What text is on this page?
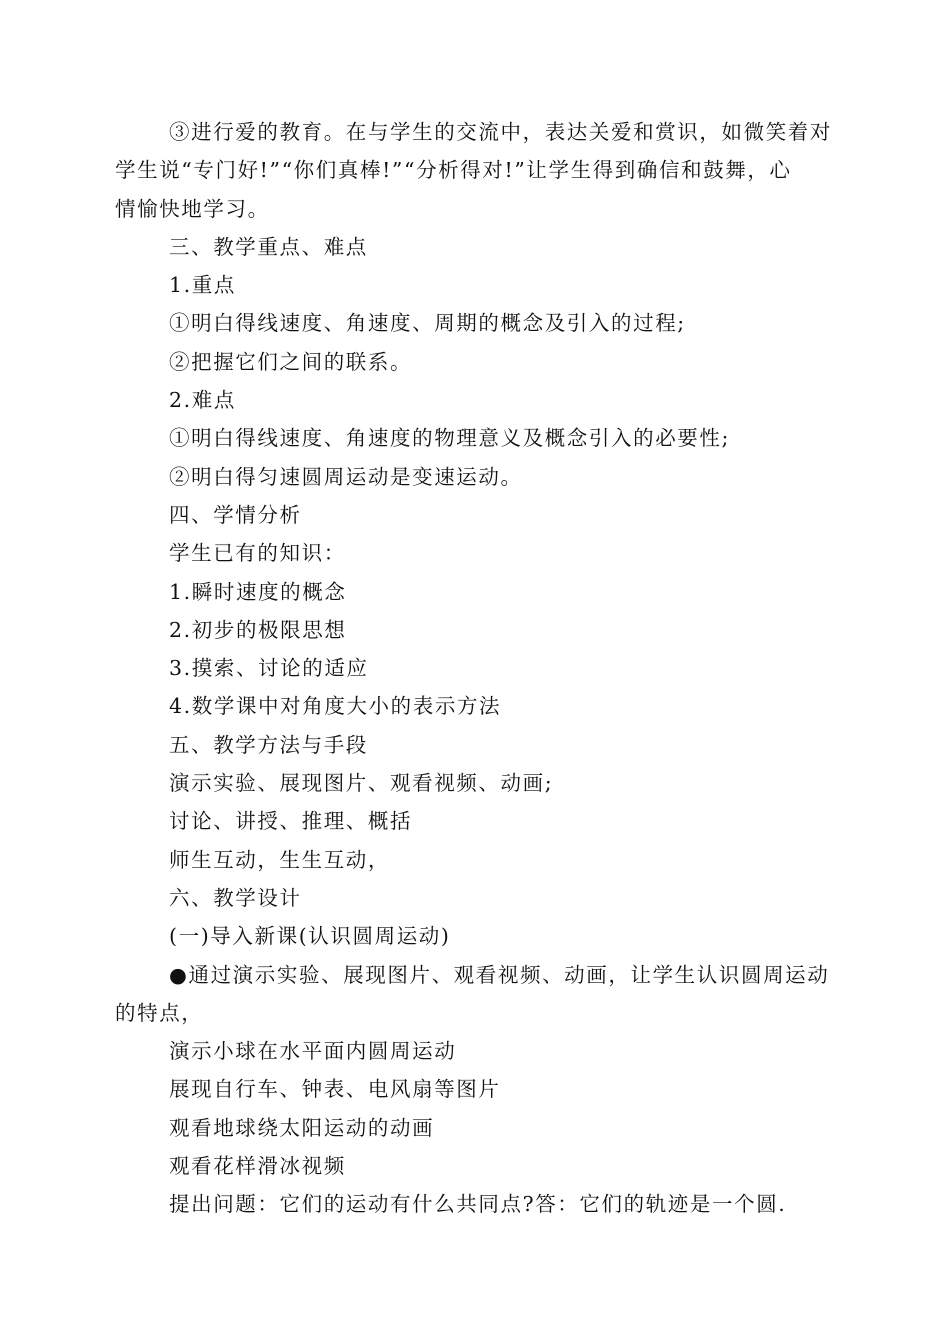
③进行爱的教育。在与学生的交流中，表达关爱和赏识，如微笑着对
学生说“专门好!”“你们真棒!”“分析得对!”让学生得到确信和鼓舞，心
情愉快地学习。
三、教学重点、难点
1.重点
①明白得线速度、角速度、周期的概念及引入的过程;
②把握它们之间的联系。
2.难点
①明白得线速度、角速度的物理意义及概念引入的必要性;
②明白得匀速圆周运动是变速运动。
四、学情分析
学生已有的知识：
1.瞬时速度的概念
2.初步的极限思想
3.摸索、讨论的适应
4.数学课中对角度大小的表示方法
五、教学方法与手段
演示实验、展现图片、观看视频、动画;
讨论、讲授、推理、概括
师生互动，生生互动，
六、教学设计
(一)导入新课(认识圆周运动)
●通过演示实验、展现图片、观看视频、动画，让学生认识圆周运动
的特点，
演示小球在水平面内圆周运动
展现自行车、钟表、电风扇等图片
观看地球绕太阳运动的动画
观看花样滑冰视频
提出问题：它们的运动有什么共同点?答：它们的轨迹是一个圆.
